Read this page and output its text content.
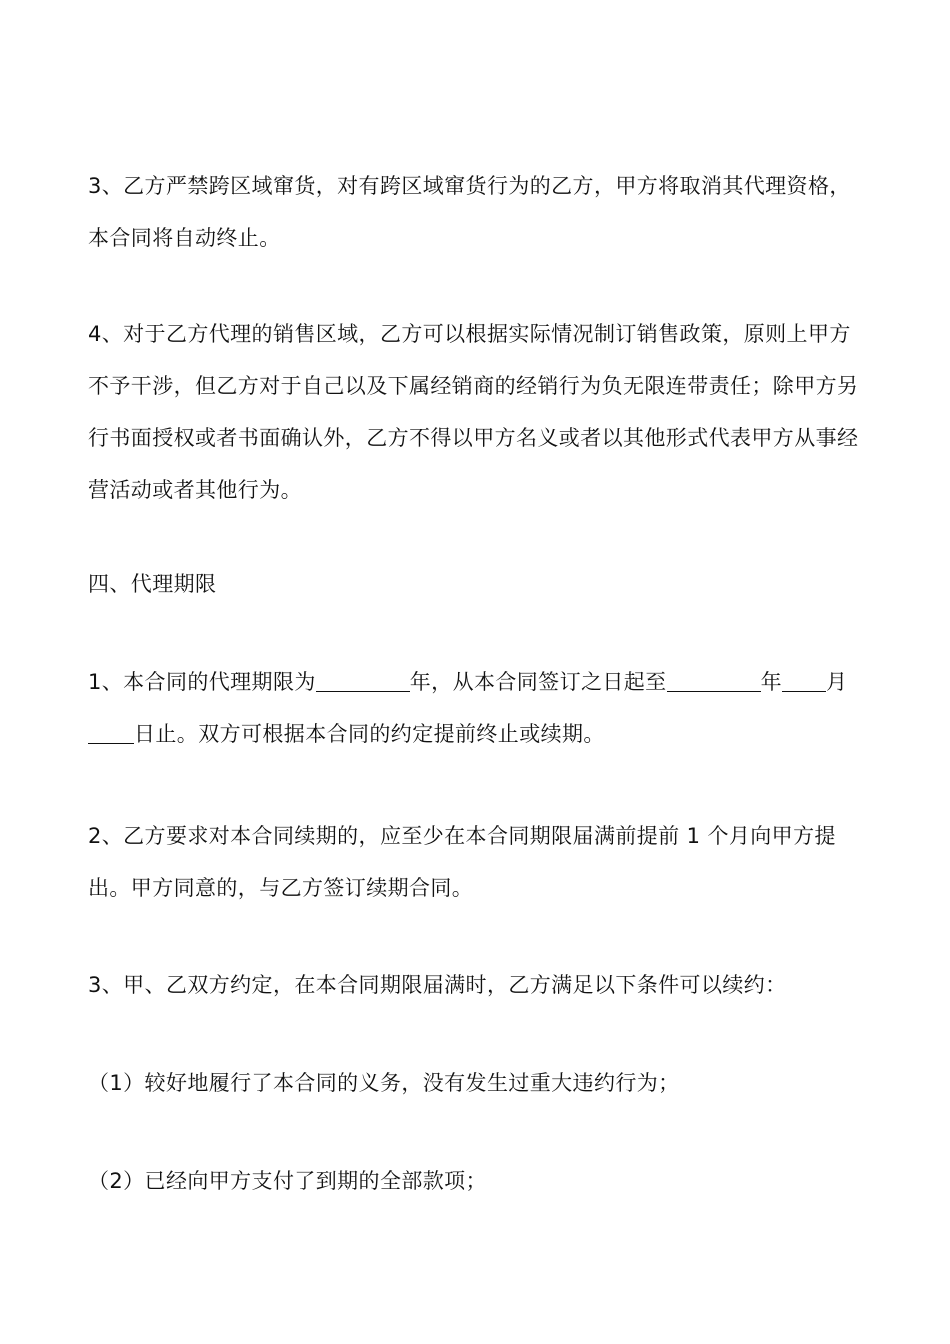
3、乙方严禁跨区域窜货，对有跨区域窜货行为的乙方，甲方将取消其代理资格，本合同将自动终止。

4、对于乙方代理的销售区域，乙方可以根据实际情况制订销售政策，原则上甲方不予干涉，但乙方对于自己以及下属经销商的经销行为负无限连带责任；除甲方另行书面授权或者书面确认外，乙方不得以甲方名义或者以其他形式代表甲方从事经营活动或者其他行为。

四、代理期限

1、本合同的代理期限为	年，从本合同签订之日起至	年 月日止。双方可根据本合同的约定提前终止或续期。

2、乙方要求对本合同续期的，应至少在本合同期限届满前提前 1 个月向甲方提出。甲方同意的，与乙方签订续期合同。

3、甲、乙双方约定，在本合同期限届满时，乙方满足以下条件可以续约：

（1）较好地履行了本合同的义务，没有发生过重大违约行为；

（2）已经向甲方支付了到期的全部款项；
